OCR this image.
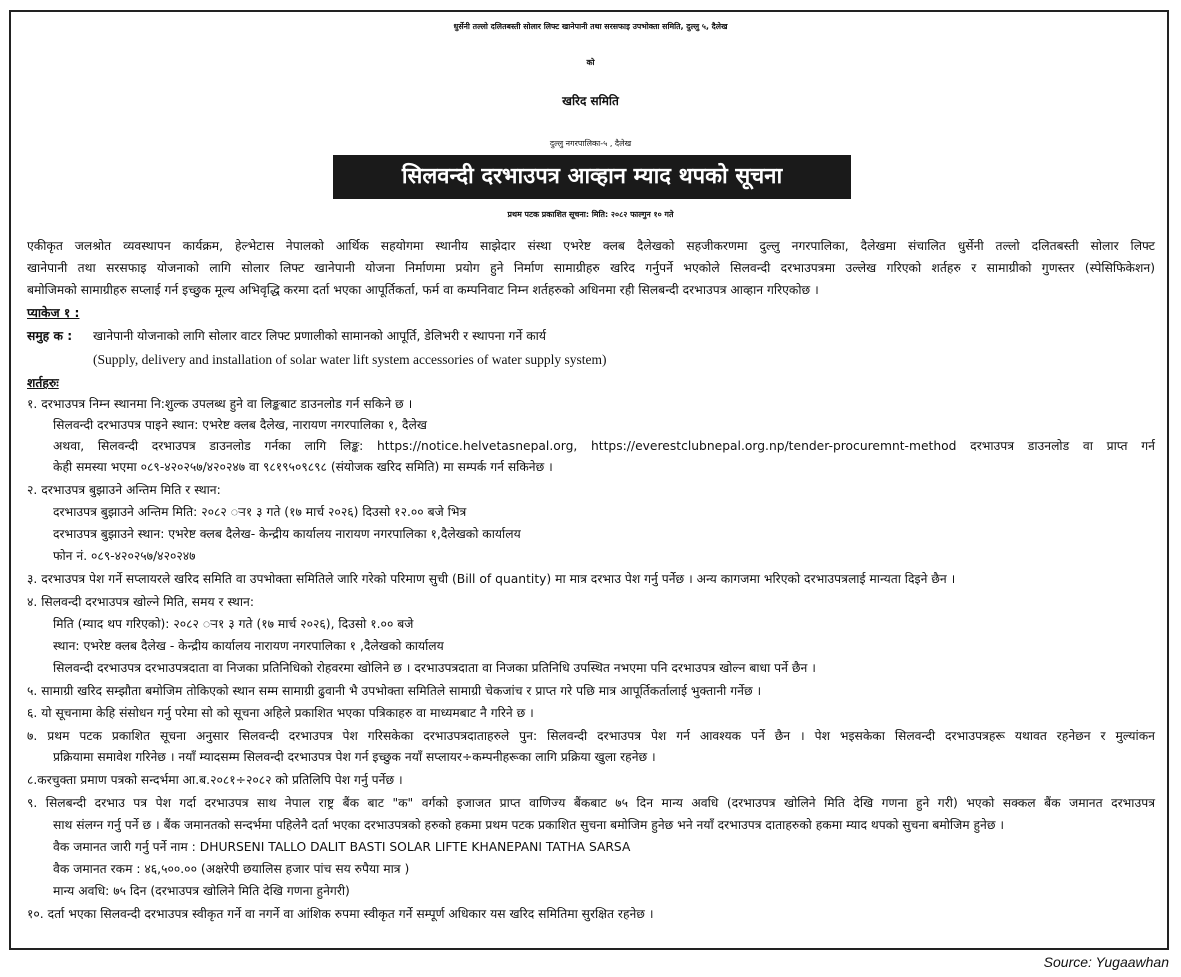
धुर्सेनी तल्लो दलितबस्ती सोलार लिफ्ट खानेपानी तथा सरसफाइ उपभोक्ता समिति, दुल्लु ५, दैलेख
को
खरिद समिति
दुल्लु नगरपालिका-५ , दैलेख
सिलवन्दी दरभाउपत्र आव्हान म्याद थपको सूचना
प्रथम पटक प्रकाशित सूचना: मिति: २०८२ फाल्गुन १० गते
एकीकृत जलश्रोत व्यवस्थापन कार्यक्रम, हेल्भेटास नेपालको आर्थिक सहयोगमा स्थानीय साझेदार संस्था एभरेष्ट क्लब दैलेखको सहजीकरणमा दुल्लु नगरपालिका, दैलेखमा संचालित धुर्सेनी तल्लो दलितबस्ती सोलार लिफ्ट
खानेपानी तथा सरसफाइ योजनाको लागि सोलार लिफ्ट खानेपानी योजना निर्माणमा प्रयोग हुने निर्माण सामाग्रीहरु खरिद गर्नुपर्ने भएकोले सिलवन्दी दरभाउपत्रमा उल्लेख गरिएको शर्तहरु र सामाग्रीको गुणस्तर (स्पेसिफिकेशन)
बमोजिमको सामाग्रीहरु सप्लाई गर्न इच्छुक मूल्य अभिवृद्धि करमा दर्ता भएका आपूर्तिकर्ता, फर्म वा कम्पनिवाट निम्न शर्तहरुको अधिनमा रही सिलबन्दी दरभाउपत्र आव्हान गरिएकोछ ।
प्याकेज १ :
समुह क : खानेपानी योजनाको लागि सोलार वाटर लिफ्ट प्रणालीको सामानको आपूर्ति, डेलिभरी र स्थापना गर्ने कार्य
(Supply, delivery and installation of solar water lift system accessories of water supply system)
शर्तहरुः
१. दरभाउपत्र निम्न स्थानमा नि:शुल्क उपलब्ध हुने वा लिङ्कबाट डाउनलोड गर्न सकिने छ ।
सिलवन्दी दरभाउपत्र पाइने स्थान: एभरेष्ट क्लब दैलेख, नारायण नगरपालिका १, दैलेख
अथवा, सिलवन्दी दरभाउपत्र डाउनलोड गर्नका लागि लिङ्क: https://notice.helvetasnepal.org, https://everestclubnepal.org.np/tender-procuremnt-method दरभाउपत्र डाउनलोड वा प्राप्त गर्न
केही समस्या भएमा ०८९-४२०२५७/४२०२४७ वा ९८१९५०९८९८ (संयोजक खरिद समिति) मा सम्पर्क गर्न सकिनेछ ।
२. दरभाउपत्र बुझाउने अन्तिम मिति र स्थान:
दरभाउपत्र बुझाउने अन्तिम मिति: २०८२ र्‍ा१ ३ गते (१७ मार्च २०२६) दिउसो १२.०० बजे भित्र
दरभाउपत्र बुझाउने स्थान: एभरेष्ट क्लब दैलेख- केन्द्रीय कार्यालय नारायण नगरपालिका १,दैलेखको कार्यालय
फोन नं. ०८९-४२०२५७/४२०२४७
३. दरभाउपत्र पेश गर्ने सप्लायरले खरिद समिति वा उपभोक्ता समितिले जारि गरेको परिमाण सुची (Bill of quantity) मा मात्र दरभाउ पेश गर्नु पर्नेछ । अन्य कागजमा भरिएको दरभाउपत्रलाई मान्यता दिइने छैन ।
४. सिलवन्दी दरभाउपत्र खोल्ने मिति, समय र स्थान:
मिति (म्याद थप गरिएको): २०८२ र्‍ा१ ३ गते (१७ मार्च २०२६), दिउसो १.०० बजे
स्थान: एभरेष्ट क्लब दैलेख - केन्द्रीय कार्यालय नारायण नगरपालिका १ ,दैलेखको कार्यालय
सिलवन्दी दरभाउपत्र दरभाउपत्रदाता वा निजका प्रतिनिधिको रोहवरमा खोलिने छ । दरभाउपत्रदाता वा निजका प्रतिनिधि उपस्थित नभएमा पनि दरभाउपत्र खोल्न बाधा पर्ने छैन ।
५. सामाग्री खरिद सम्झौता बमोजिम तोकिएको स्थान सम्म सामाग्री ढुवानी भै उपभोक्ता समितिले सामाग्री चेकजांच र प्राप्त गरे पछि मात्र आपूर्तिकर्तालाई भुक्तानी गर्नेछ ।
६. यो सूचनामा केहि संसोधन गर्नु परेमा सो को सूचना अहिले प्रकाशित भएका पत्रिकाहरु वा माध्यमबाट नै गरिने छ ।
७. प्रथम पटक प्रकाशित सूचना अनुसार सिलवन्दी दरभाउपत्र पेश गरिसकेका दरभाउपत्रदाताहरुले पुन: सिलवन्दी दरभाउपत्र पेश गर्न आवश्यक पर्ने छैन । पेश भइसकेका सिलवन्दी दरभाउपत्रहरू यथावत रहनेछन र मुल्यांकन
प्रक्रियामा समावेश गरिनेछ । नयाँ म्यादसम्म सिलवन्दी दरभाउपत्र पेश गर्न इच्छुक नयाँ सप्लायर÷कम्पनीहरूका लागि प्रक्रिया खुला रहनेछ ।
८.करचुक्ता प्रमाण पत्रको सन्दर्भमा आ.ब.२०८१÷२०८२ को प्रतिलिपि पेश गर्नु पर्नेछ ।
९. सिलबन्दी दरभाउ पत्र पेश गर्दा दरभाउपत्र साथ नेपाल राष्ट्र बैंक बाट "क" वर्गको इजाजत प्राप्त वाणिज्य बैंकबाट ७५ दिन मान्य अवधि (दरभाउपत्र खोलिने मिति देखि गणना हुने गरी) भएको सक्कल बैंक जमानत दरभाउपत्र
साथ संलग्न गर्नु पर्ने छ । बैंक जमानतको सन्दर्भमा पहिलेनै दर्ता भएका दरभाउपत्रको हरुको हकमा प्रथम पटक प्रकाशित सुचना बमोजिम हुनेछ भने नयाँ दरभाउपत्र दाताहरुको हकमा म्याद थपको सुचना बमोजिम हुनेछ ।
वैक जमानत जारी गर्नु पर्ने नाम : DHURSENI TALLO DALIT BASTI SOLAR LIFTE KHANEPANI TATHA SARSA
वैक जमानत रकम : ४६,५००.०० (अक्षरेपी छयालिस हजार पांच सय रुपैया मात्र )
मान्य अवधि: ७५ दिन (दरभाउपत्र खोलिने मिति देखि गणना हुनेगरी)
१०. दर्ता भएका सिलवन्दी दरभाउपत्र स्वीकृत गर्ने वा नगर्ने वा आंशिक रुपमा स्वीकृत गर्ने सम्पूर्ण अधिकार यस खरिद समितिमा सुरक्षित रहनेछ ।
Source: Yugaawhan
